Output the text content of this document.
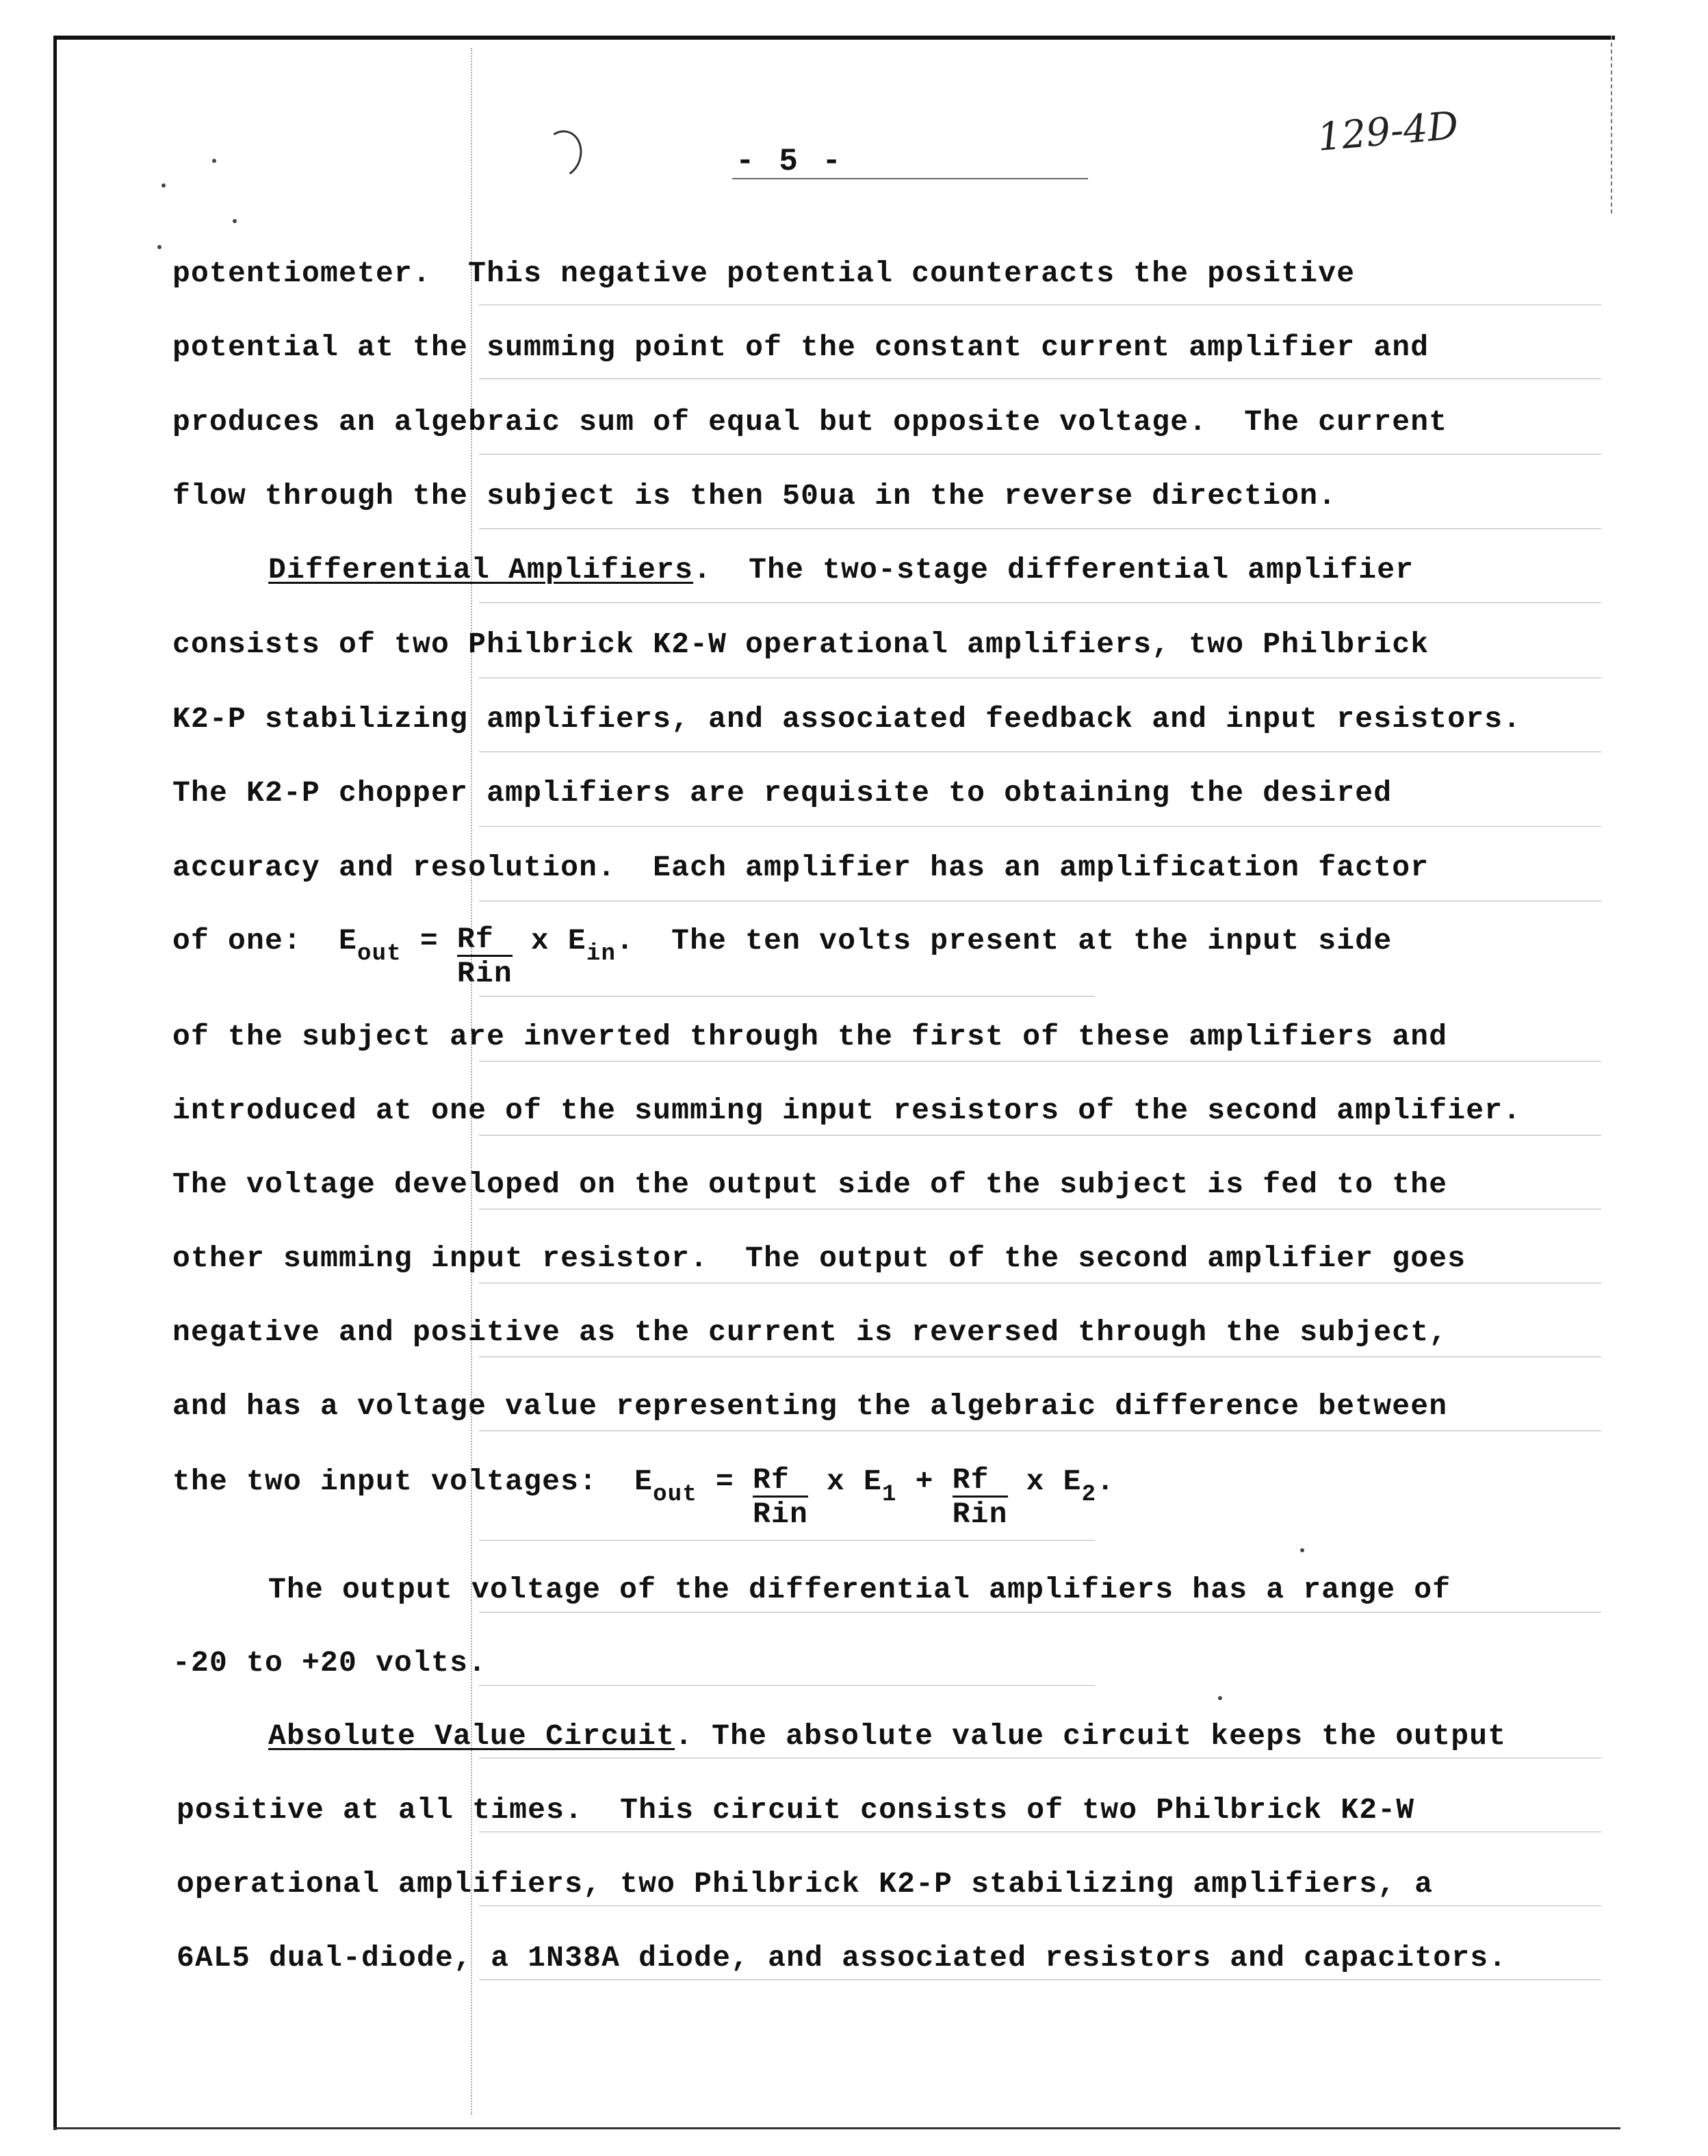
- 5 -
129-4D
potentiometer.  This negative potential counteracts the positive
potential at the summing point of the constant current amplifier and
produces an algebraic sum of equal but opposite voltage.  The current
flow through the subject is then 50ua in the reverse direction.
Differential Amplifiers.  The two-stage differential amplifier
consists of two Philbrick K2-W operational amplifiers, two Philbrick
K2-P stabilizing amplifiers, and associated feedback and input resistors.
The K2-P chopper amplifiers are requisite to obtaining the desired
accuracy and resolution.  Each amplifier has an amplification factor
of one:  $E_{out} = \frac{Rf}{\text{Rin}}$ x $E_{in}$.  The ten volts present at the input side
of the subject are inverted through the first of these amplifiers and
introduced at one of the summing input resistors of the second amplifier.
The voltage developed on the output side of the subject is fed to the
other summing input resistor.  The output of the second amplifier goes
negative and positive as the current is reversed through the subject,
and has a voltage value representing the algebraic difference between
the two input voltages:  $E_{out} = \frac{Rf}{\text{Rin}}$ x $E_1 + \frac{Rf}{\text{Rin}}$ x $E_2$.
The output voltage of the differential amplifiers has a range of
-20 to +20 volts.
Absolute Value Circuit. The absolute value circuit keeps the output
positive at all times.  This circuit consists of two Philbrick K2-W
operational amplifiers, two Philbrick K2-P stabilizing amplifiers, a
6AL5 dual-diode, a 1N38A diode, and associated resistors and capacitors.
